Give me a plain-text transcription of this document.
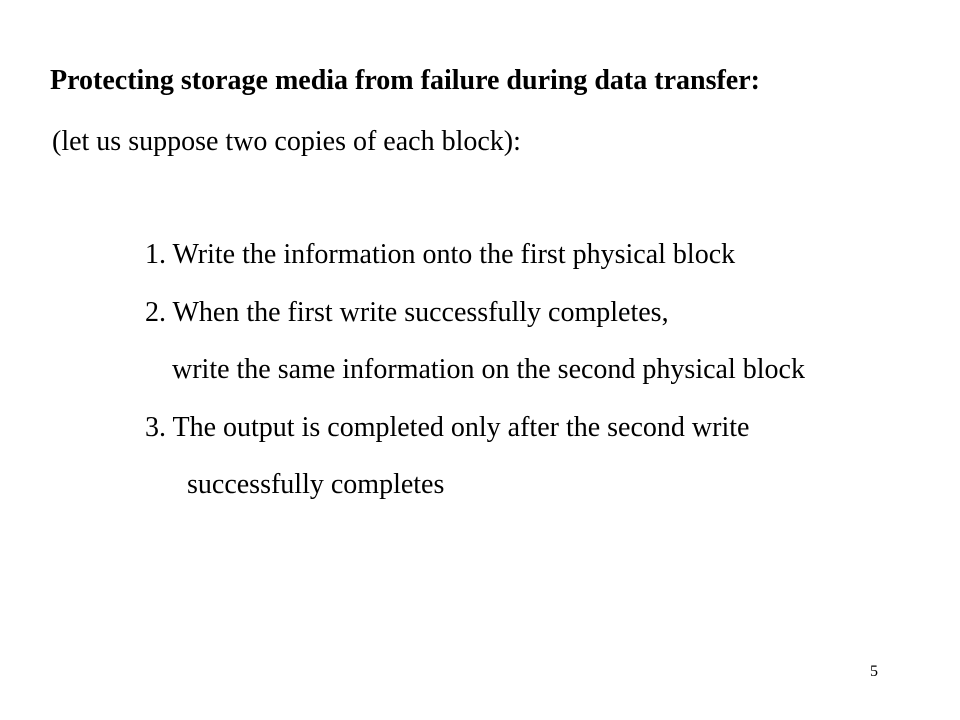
Protecting storage media from failure during data transfer:
(let us suppose two copies of each block):
1. Write the information onto the first physical block
2. When the first write successfully completes,
write the same information on the second physical block
3. The output is completed only after the second write
successfully completes
5
